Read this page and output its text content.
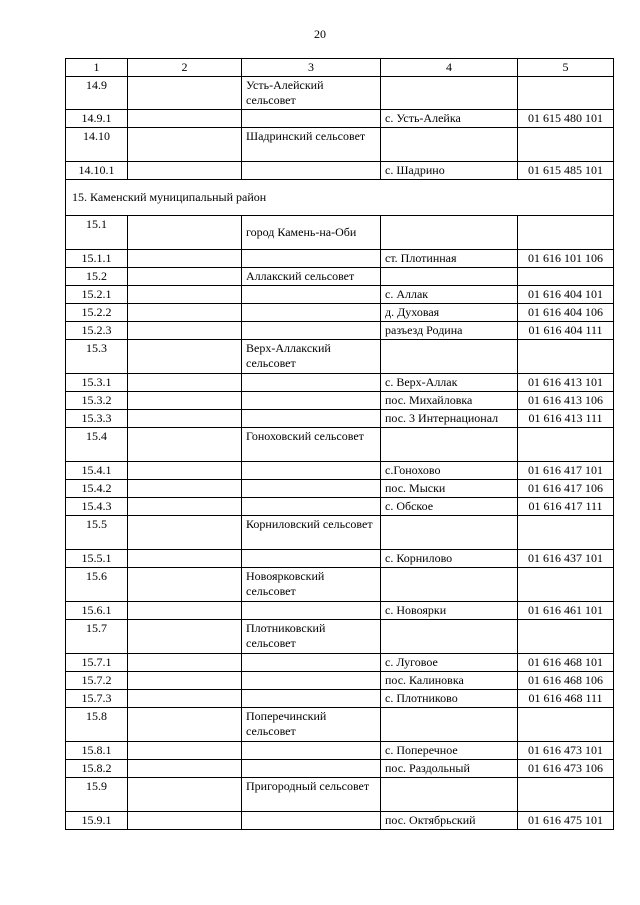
20
1	2	3	4	5
14.9		Усть-Алейский сельсовет		
14.9.1			с. Усть-Алейка	01 615 480 101
14.10		Шадринский сельсовет		
14.10.1			с. Шадрино	01 615 485 101
15. Каменский муниципальный район				
15.1		город Камень-на-Оби		
15.1.1			ст. Плотинная	01 616 101 106
15.2		Аллакский сельсовет		
15.2.1			с. Аллак	01 616 404 101
15.2.2			д. Духовая	01 616 404 106
15.2.3			разъезд Родина	01 616 404 111
15.3		Верх-Аллакский сельсовет		
15.3.1			с. Верх-Аллак	01 616 413 101
15.3.2			пос. Михайловка	01 616 413 106
15.3.3			пос. 3 Интернационал	01 616 413 111
15.4		Гоноховский сельсовет		
15.4.1			с.Гонохово	01 616 417 101
15.4.2			пос. Мыски	01 616 417 106
15.4.3			с. Обское	01 616 417 111
15.5		Корниловский сельсовет		
15.5.1			с. Корнилово	01 616 437 101
15.6		Новоярковский сельсовет		
15.6.1			с. Новоярки	01 616 461 101
15.7		Плотниковский сельсовет		
15.7.1			с. Луговое	01 616 468 101
15.7.2			пос. Калиновка	01 616 468 106
15.7.3			с. Плотниково	01 616 468 111
15.8		Поперечинский сельсовет		
15.8.1			с. Поперечное	01 616 473 101
15.8.2			пос. Раздольный	01 616 473 106
15.9		Пригородный сельсовет		
15.9.1			пос. Октябрьский	01 616 475 101
